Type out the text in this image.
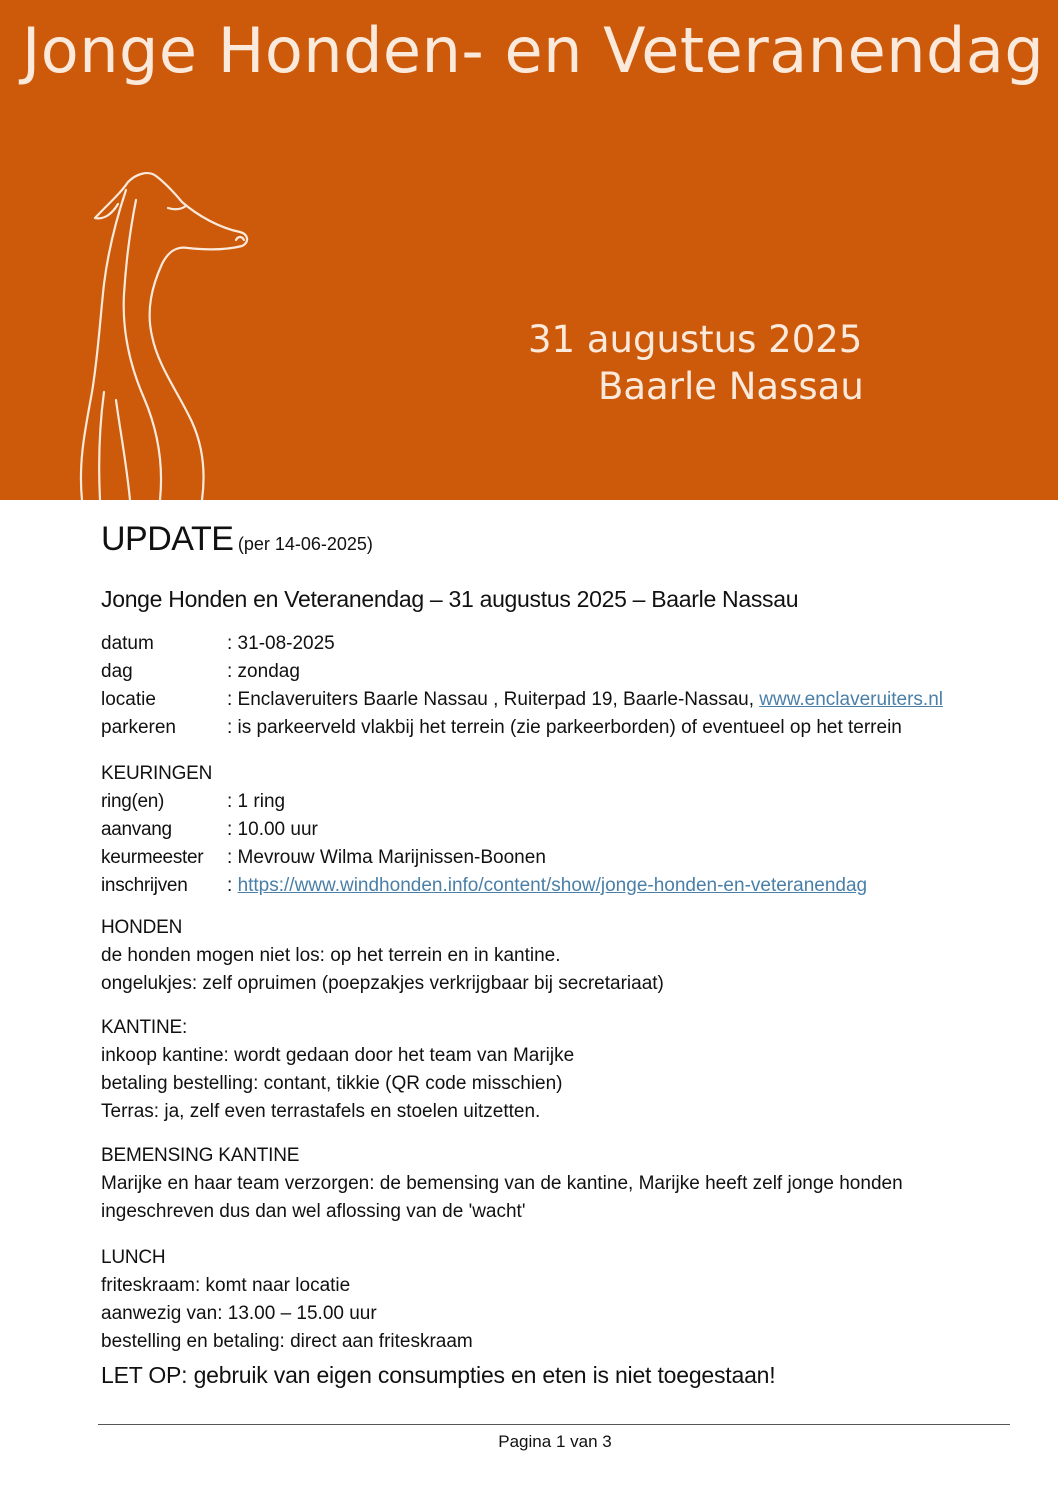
Jonge Honden- en Veteranendag
31 augustus 2025
Baarle Nassau
UPDATE (per 14-06-2025)
Jonge Honden en Veteranendag – 31 augustus 2025 – Baarle Nassau
datum	: 31-08-2025
dag	: zondag
locatie	: Enclaveruiters Baarle Nassau , Ruiterpad 19, Baarle-Nassau, www.enclaveruiters.nl
parkeren	: is parkeerveld vlakbij het terrein (zie parkeerborden) of eventueel op het terrein
KEURINGEN
ring(en)	: 1 ring
aanvang	: 10.00 uur
keurmeester : Mevrouw Wilma Marijnissen-Boonen
inschrijven : https://www.windhonden.info/content/show/jonge-honden-en-veteranendag
HONDEN
de honden mogen niet los: op het terrein en in kantine.
ongelukjes: zelf opruimen (poepzakjes verkrijgbaar bij secretariaat)
KANTINE:
inkoop kantine: wordt gedaan door het team van Marijke
betaling bestelling: contant, tikkie (QR code misschien)
Terras: ja, zelf even terrastafels en stoelen uitzetten.
BEMENSING KANTINE
Marijke en haar team verzorgen: de bemensing van de kantine, Marijke heeft zelf jonge honden
ingeschreven dus dan wel aflossing van de 'wacht'
LUNCH
friteskraam: komt naar locatie
aanwezig van: 13.00 – 15.00 uur
bestelling en betaling: direct aan friteskraam
LET OP: gebruik van eigen consumpties en eten is niet toegestaan!
Pagina 1 van 3
